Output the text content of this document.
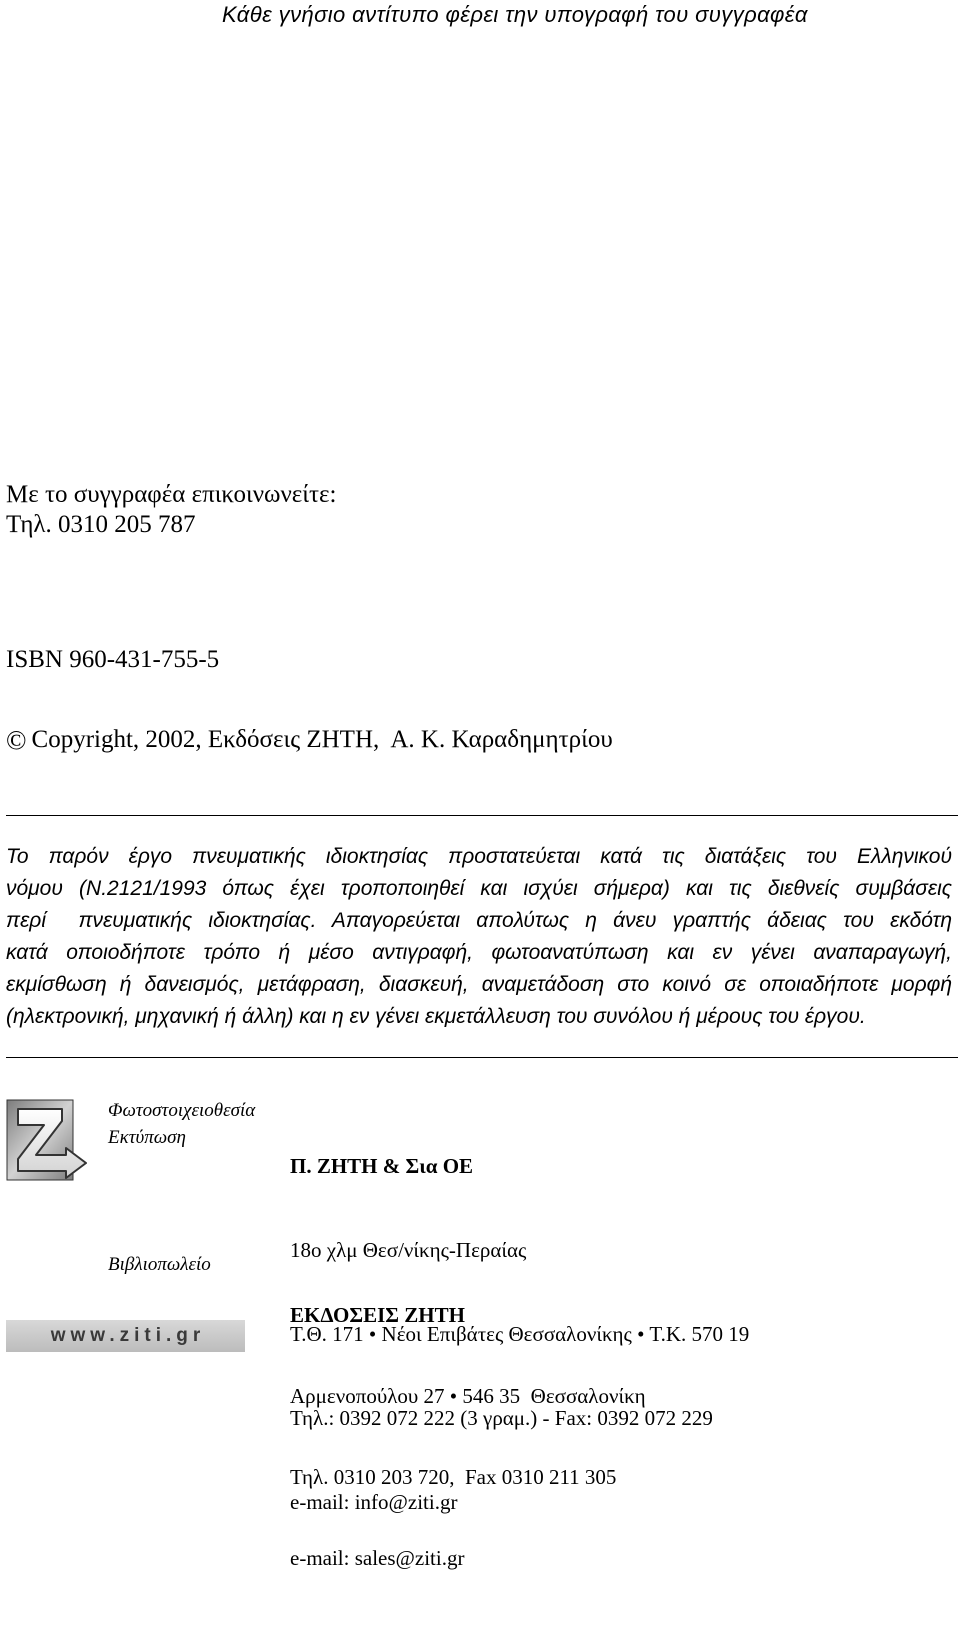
Κάθε γνήσιο αντίτυπο φέρει την υπογραφή του συγγραφέα
Με το συγγραφέα επικοινωνείτε:
Τηλ. 0310 205 787
ISBN 960-431-755-5
© Copyright, 2002, Εκδόσεις ΖΗΤΗ,  Α. Κ. Καραδημητρίου
Το παρόν έργο πνευματικής ιδιοκτησίας προστατεύεται κατά τις διατάξεις του Ελληνικού
νόμου (Ν.2121/1993 όπως έχει τροποποιηθεί και ισχύει σήμερα) και τις διεθνείς συμβάσεις
περί  πνευματικής ιδιοκτησίας. Απαγορεύεται απολύτως η άνευ γραπτής άδειας του εκδότη
κατά οποιοδήποτε τρόπο ή μέσο αντιγραφή, φωτοανατύπωση και εν γένει αναπαραγωγή,
εκμίσθωση ή δανεισμός, μετάφραση, διασκευή, αναμετάδοση στο κοινό σε οποιαδήποτε μορφή
(ηλεκτρονική, μηχανική ή άλλη) και η εν γένει εκμετάλλευση του συνόλου ή μέρους του έργου.
Φωτοστοιχειοθεσία
Εκτύπωση
Βιβλιοπωλείο
www.ziti.gr

Π. ΖΗΤΗ & Σια ΟΕ

18ο χλμ Θεσ/νίκης-Περαίας

Τ.Θ. 171 • Νέοι Επιβάτες Θεσσαλονίκης • Τ.Κ. 570 19

Τηλ.: 0392 072 222 (3 γραμ.) - Fax: 0392 072 229

e-mail: info@ziti.gr

ΕΚΔΟΣΕΙΣ ΖΗΤΗ

Αρμενοπούλου 27 • 546 35  Θεσσαλονίκη

Τηλ. 0310 203 720,  Fax 0310 211 305

e-mail: sales@ziti.gr
